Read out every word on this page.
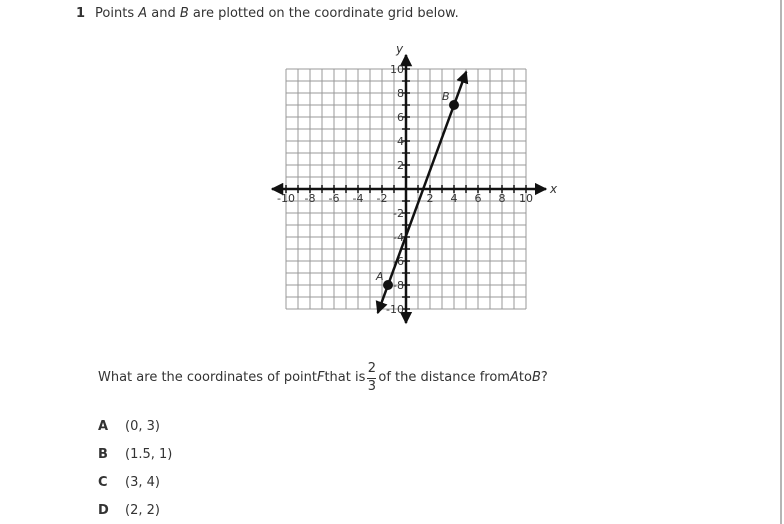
1 Points A and B are plotted on the coordinate grid below.
-10 -8 -6 -4 -2	2 4 6 8 10
10
8
6
4
2
-2
-4
-6
-8
-10
A
B
x
y
What are the coordinates of point F that is $\frac{2}{3}$ of the distance from A to B ?
A	(0, 3)
B	(1.5, 1)
C	(3, 4)
D	(2, 2)
